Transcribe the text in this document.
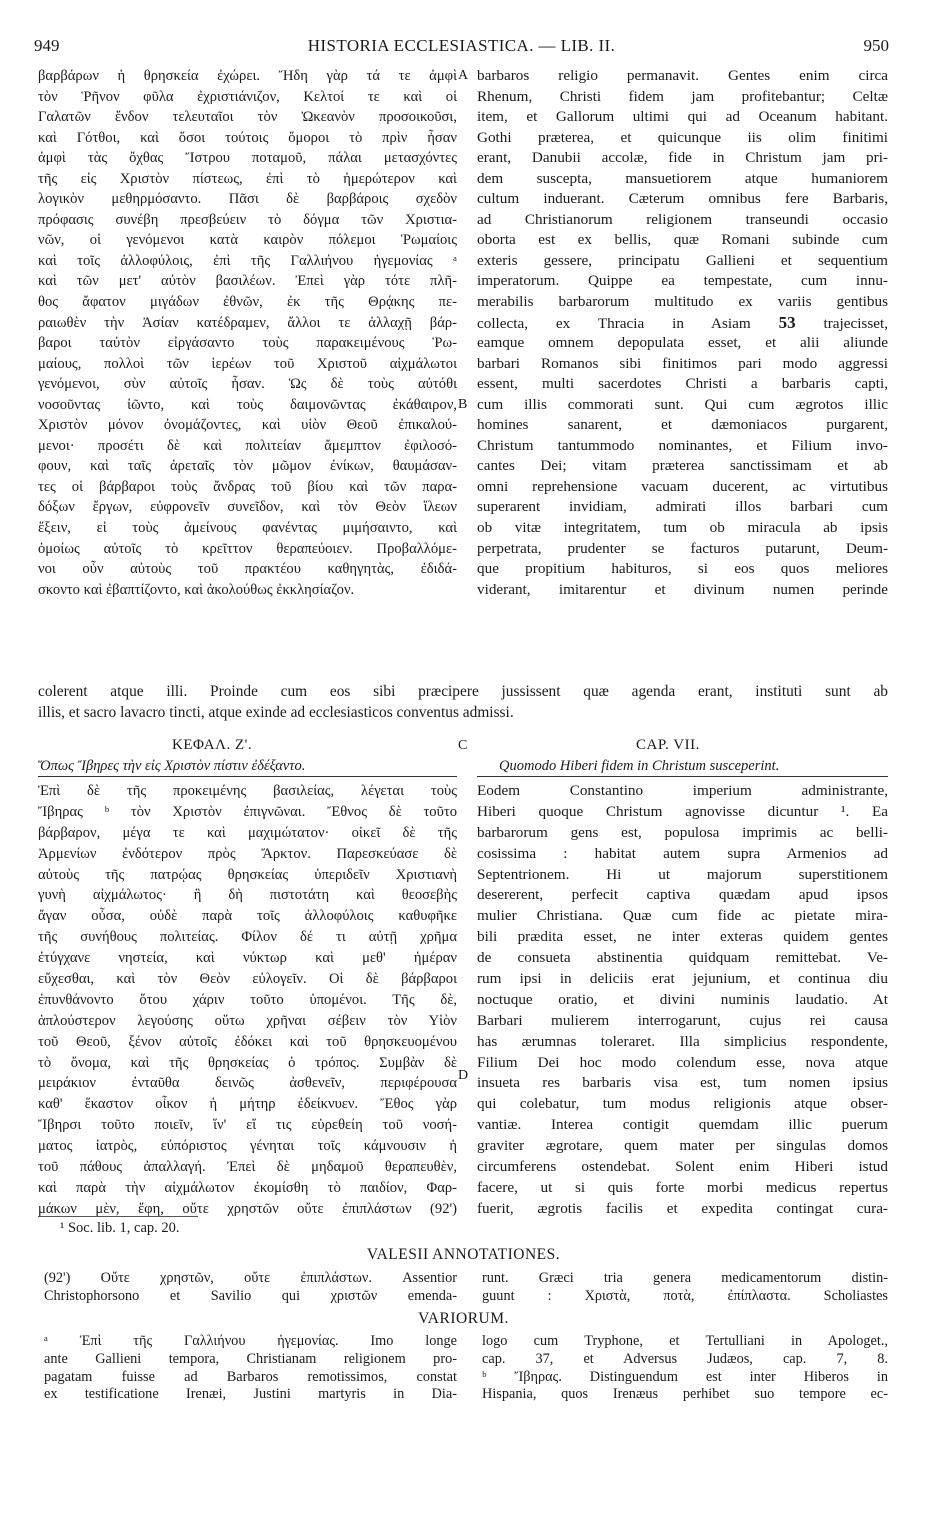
949	HISTORIA ECCLESIASTICA. — LIB. II.	950
βαρβάρων ἡ θρησκεία ἐχώρει. Ἤδη γὰρ τά τε ἀμφὶ
τὸν Ῥῆνον φῦλα ἐχριστιάνιζον, Κελτοί τε καὶ οἱ
Γαλατῶν ἔνδον τελευταῖοι τὸν Ὠκεανὸν προσοικοῦσι,
καὶ Γότθοι, καὶ ὅσοι τούτοις ὅμοροι τὸ πρὶν ἦσαν
ἀμφὶ τὰς ὄχθας Ἴστρου ποταμοῦ, πάλαι μετασχόντες
τῆς εἰς Χριστὸν πίστεως, ἐπὶ τὸ ἡμερώτερον καὶ
λογικὸν μεθηρμόσαντο. Πᾶσι δὲ βαρβάροις σχεδὸν
πρόφασις συνέβη πρεσβεύειν τὸ δόγμα τῶν Χριστια-
νῶν, οἱ γενόμενοι κατὰ καιρὸν πόλεμοι Ῥωμαίοις
καὶ τοῖς ἀλλοφύλοις, ἐπὶ τῆς Γαλλιήνου ἡγεμονίας ᵃ
καὶ τῶν μετ' αὐτὸν βασιλέων. Ἐπεὶ γὰρ τότε πλῆ-
θος ἄφατον μιγάδων ἐθνῶν, ἐκ τῆς Θρᾴκης πε-
ραιωθὲν τὴν Ἀσίαν κατέδραμεν, ἄλλοι τε ἀλλαχῇ βάρ-
βαροι ταὐτὸν εἰργάσαντο τοὺς παρακειμένους Ῥω-
μαίους, πολλοὶ τῶν ἱερέων τοῦ Χριστοῦ αἰχμάλωτοι
γενόμενοι, σὺν αὐτοῖς ἦσαν. Ὡς δὲ τοὺς αὐτόθι
νοσοῦντας ἰῶντο, καὶ τοὺς δαιμονῶντας ἐκάθαιρον,
Χριστὸν μόνον ὀνομάζοντες, καὶ υἱὸν Θεοῦ ἐπικαλού-
μενοι· προσέτι δὲ καὶ πολιτείαν ἄμεμπτον ἐφιλοσό-
φουν, καὶ ταῖς ἀρεταῖς τὸν μῶμον ἐνίκων, θαυμάσαν-
τες οἱ βάρβαροι τοὺς ἄνδρας τοῦ βίου καὶ τῶν παρα-
δόξων ἔργων, εὐφρονεῖν συνεῖδον, καὶ τὸν Θεὸν ἵλεων
ἕξειν, εἰ τοὺς ἀμείνους φανέντας μιμήσαιντο, καὶ
ὁμοίως αὐτοῖς τὸ κρεῖττον θεραπεύοιεν. Προβαλλόμε-
νοι οὖν αὐτοὺς τοῦ πρακτέου καθηγητὰς, ἐδιδά-
σκοντο καὶ ἐβαπτίζοντο, καὶ ἀκολούθως ἐκκλησίαζον.
barbaros religio permanavit. Gentes enim circa
Rhenum, Christi fidem jam profitebantur; Celtæ
item, et Gallorum ultimi qui ad Oceanum habitant.
Gothi præterea, et quicunque iis olim finitimi
erant, Danubii accolæ, fide in Christum jam pri-
dem suscepta, mansuetiorem atque humaniorem
cultum induerant. Cæterum omnibus fere Barbaris,
ad Christianorum religionem transeundi occasio
oborta est ex bellis, quæ Romani subinde cum
exteris gessere, principatu Gallieni et sequentium
imperatorum. Quippe ea tempestate, cum innu-
merabilis barbarorum multitudo ex variis gentibus
collecta, ex Thracia in Asiam 53 trajecisset,
eamque omnem depopulata esset, et alii aliunde
barbari Romanos sibi finitimos pari modo aggressi
essent, multi sacerdotes Christi a barbaris capti,
cum illis commorati sunt. Qui cum ægrotos illic
homines sanarent, et dæmoniacos purgarent,
Christum tantummodo nominantes, et Filium invo-
cantes Dei; vitam præterea sanctissimam et ab
omni reprehensione vacuam ducerent, ac virtutibus
superarent invidiam, admirati illos barbari cum
ob vitæ integritatem, tum ob miracula ab ipsis
perpetrata, prudenter se facturos putarunt, Deum-
que propitium habituros, si eos quos meliores
viderant, imitarentur et divinum numen perinde
A
B
C
D
colerent atque illi. Proinde cum eos sibi præcipere jussissent quæ agenda erant, instituti sunt ab
illis, et sacro lavacro tincti, atque exinde ad ecclesiasticos conventus admissi.
ΚΕΦΑΛ. Ζ'.	CAP. VII.
Ὅπως Ἴβηρες τὴν εἰς Χριστὸν πίστιν ἐδέξαντο.	Quomodo Hiberi fidem in Christum susceperint.
Ἐπὶ δὲ τῆς προκειμένης βασιλείας, λέγεται τοὺς
Ἴβηρας ᵇ τὸν Χριστὸν ἐπιγνῶναι. Ἔθνος δὲ τοῦτο
βάρβαρον, μέγα τε καὶ μαχιμώτατον· οἰκεῖ δὲ τῆς
Ἀρμενίων ἐνδότερον πρὸς Ἄρκτον. Παρεσκεύασε δὲ
αὐτοὺς τῆς πατρῴας θρησκείας ὑπεριδεῖν Χριστιανὴ
γυνὴ αἰχμάλωτος· ἣ δὴ πιστοτάτη καὶ θεοσεβὴς
ἄγαν οὖσα, οὐδὲ παρὰ τοῖς ἀλλοφύλοις καθυφῆκε
τῆς συνήθους πολιτείας. Φίλον δέ τι αὐτῇ χρῆμα
ἐτύγχανε νηστεία, καὶ νύκτωρ καὶ μεθ' ἡμέραν
εὔχεσθαι, καὶ τὸν Θεὸν εὐλογεῖν. Οἱ δὲ βάρβαροι
ἐπυνθάνοντο ὅτου χάριν τοῦτο ὑπομένοι. Τῆς δὲ,
ἁπλούστερον λεγούσης οὕτω χρῆναι σέβειν τὸν Υἱὸν
τοῦ Θεοῦ, ξένον αὐτοῖς ἐδόκει καὶ τοῦ θρησκευομένου
τὸ ὄνομα, καὶ τῆς θρησκείας ὁ τρόπος. Συμβὰν δὲ
μειράκιον ἐνταῦθα δεινῶς ἀσθενεῖν, περιφέρουσα
καθ' ἕκαστον οἶκον ἡ μήτηρ ἐδείκνυεν. Ἔθος γὰρ
Ἴβηρσι τοῦτο ποιεῖν, ἵν' εἴ τις εὑρεθείη τοῦ νοσή-
ματος ἰατρὸς, εὐπόριστος γένηται τοῖς κάμνουσιν ἡ
τοῦ πάθους ἀπαλλαγή. Ἐπεὶ δὲ μηδαμοῦ θεραπευθὲν,
καὶ παρὰ τὴν αἰχμάλωτον ἐκομίσθη τὸ παιδίον, Φαρ-
μάκων μὲν, ἔφη, οὔτε χρηστῶν οὔτε ἐπιπλάστων (92')
Eodem Constantino imperium administrante,
Hiberi quoque Christum agnovisse dicuntur ¹. Ea
barbarorum gens est, populosa imprimis ac belli-
cosissima : habitat autem supra Armenios ad
Septentrionem. Hi ut majorum superstitionem
desererent, perfecit captiva quædam apud ipsos
mulier Christiana. Quæ cum fide ac pietate mira-
bili prædita esset, ne inter exteras quidem gentes
de consueta abstinentia quidquam remittebat. Ve-
rum ipsi in deliciis erat jejunium, et continua diu
noctuque oratio, et divini numinis laudatio. At
Barbari mulierem interrogarunt, cujus rei causa
has ærumnas toleraret. Illa simplicius respondente,
Filium Dei hoc modo colendum esse, nova atque
insueta res barbaris visa est, tum nomen ipsius
qui colebatur, tum modus religionis atque obser-
vantiæ. Interea contigit quemdam illic puerum
graviter ægrotare, quem mater per singulas domos
circumferens ostendebat. Solent enim Hiberi istud
facere, ut si quis forte morbi medicus repertus
fuerit, ægrotis facilis et expedita contingat cura-
¹ Soc. lib. 1, cap. 20.
VALESII ANNOTATIONES.
(92') Οὔτε χρηστῶν, οὔτε ἐπιπλάστων. Assentior
Christophorsono et Savilio qui χριστῶν emenda-
runt. Græci tria genera medicamentorum distin-
guunt : Χριστὰ, ποτὰ, ἐπίπλαστα. Scholiastes
VARIORUM.
ᵃ Ἐπὶ τῆς Γαλλιήνου ἡγεμονίας. Imo longe
ante Gallieni tempora, Christianam religionem pro-
pagatam fuisse ad Barbaros remotissimos, constat
ex testificatione Irenæi, Justini martyris in Dia-
logo cum Tryphone, et Tertulliani in Apologet.,
cap. 37, et Adversus Judæos, cap. 7, 8.
ᵇ Ἴβηρας. Distinguendum est inter Hiberos in
Hispania, quos Irenæus perhibet suo tempore ec-
